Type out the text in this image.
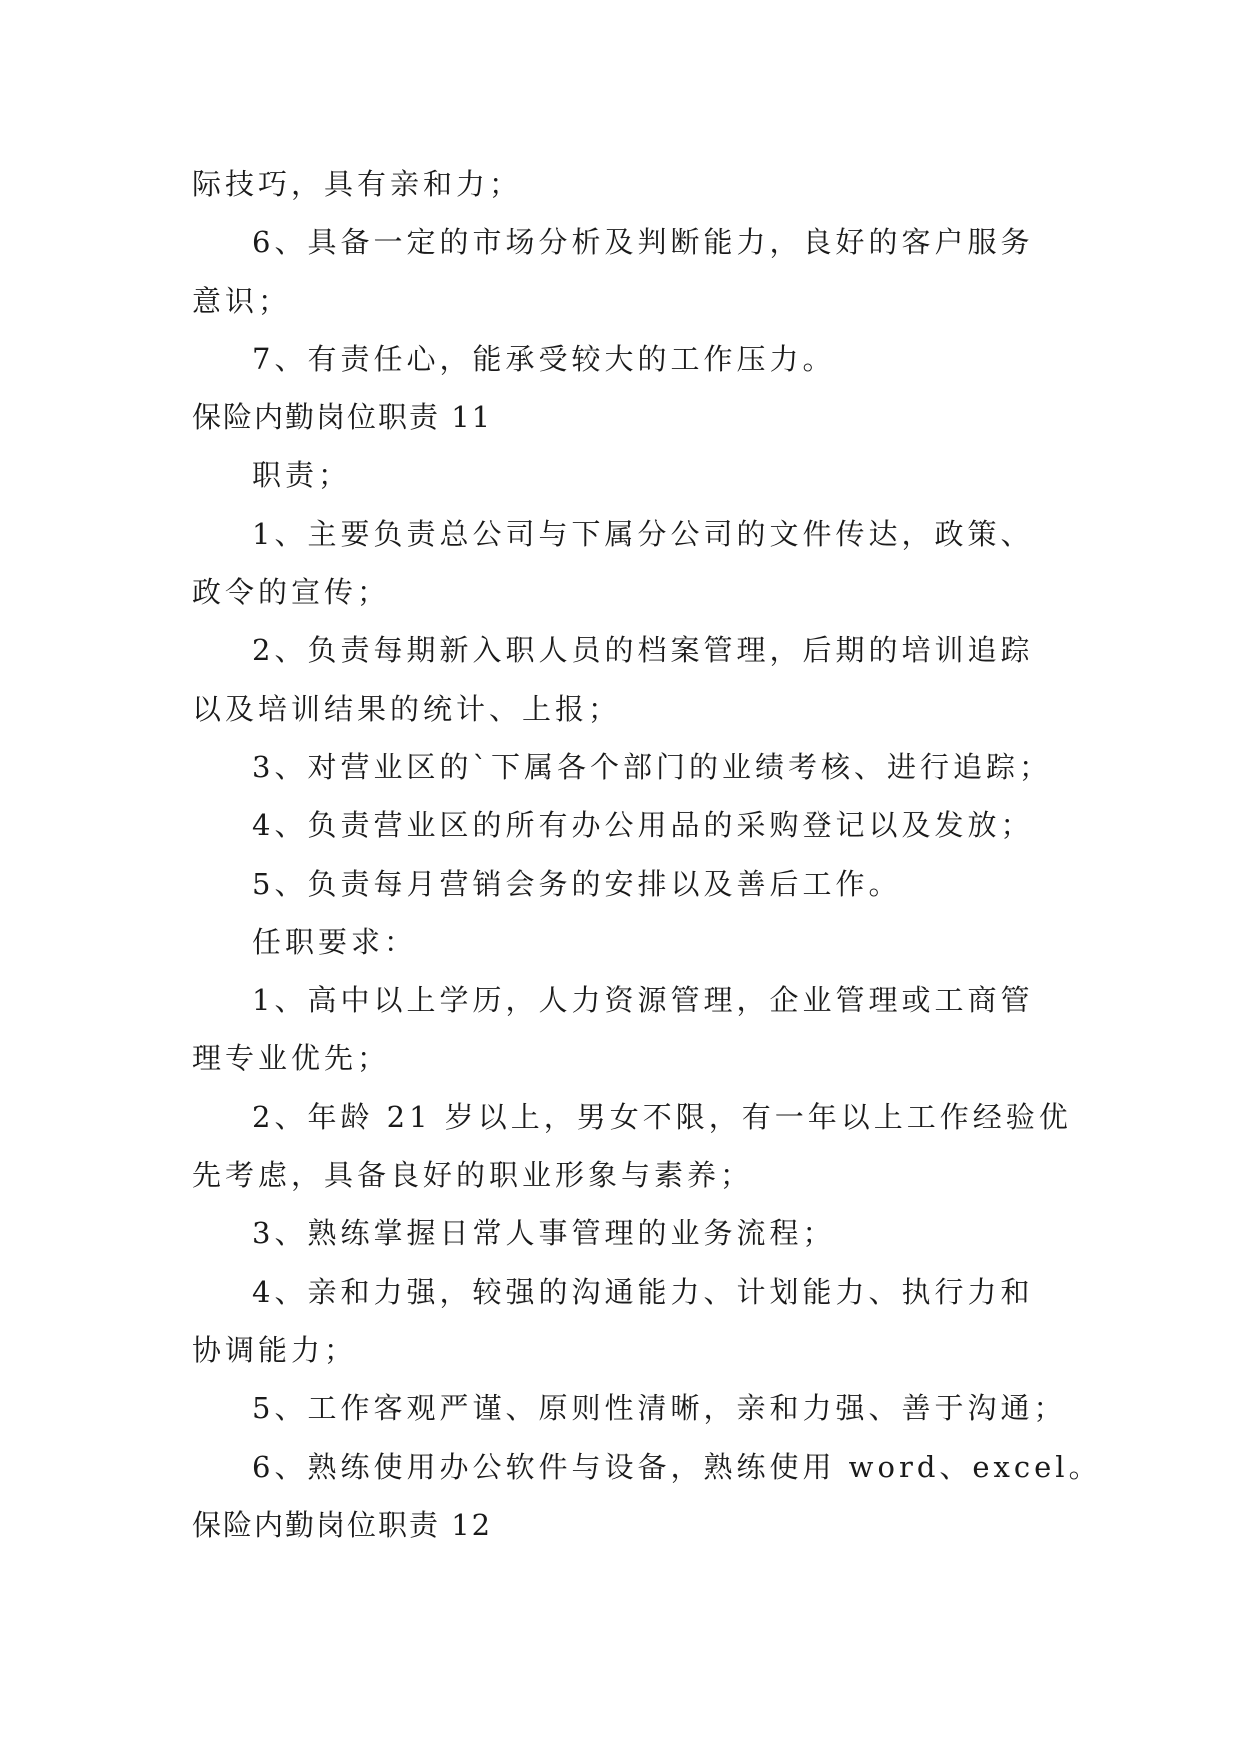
际技巧，具有亲和力；
6、具备一定的市场分析及判断能力，良好的客户服务
意识；
7、有责任心，能承受较大的工作压力。
保险内勤岗位职责 11
职责；
1、主要负责总公司与下属分公司的文件传达，政策、
政令的宣传；
2、负责每期新入职人员的档案管理，后期的培训追踪
以及培训结果的统计、上报；
3、对营业区的`下属各个部门的业绩考核、进行追踪；
4、负责营业区的所有办公用品的采购登记以及发放；
5、负责每月营销会务的安排以及善后工作。
任职要求：
1、高中以上学历，人力资源管理，企业管理或工商管
理专业优先；
2、年龄 21 岁以上，男女不限，有一年以上工作经验优
先考虑，具备良好的职业形象与素养；
3、熟练掌握日常人事管理的业务流程；
4、亲和力强，较强的沟通能力、计划能力、执行力和
协调能力；
5、工作客观严谨、原则性清晰，亲和力强、善于沟通；
6、熟练使用办公软件与设备，熟练使用 word、excel。
保险内勤岗位职责 12
